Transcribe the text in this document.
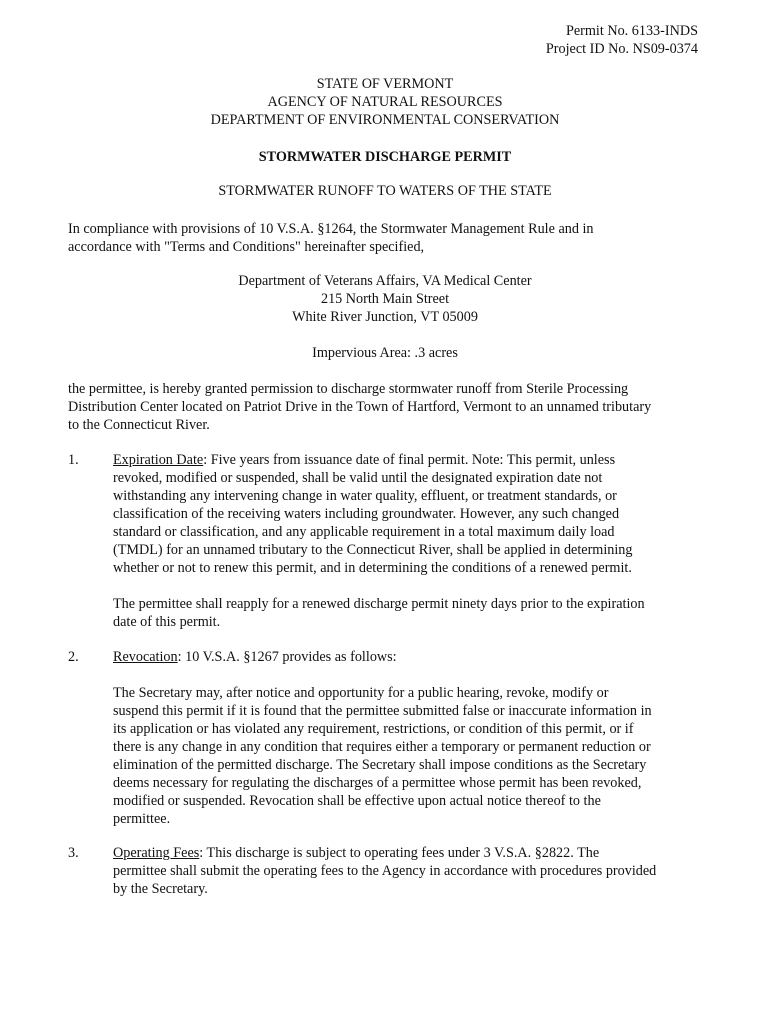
Permit No. 6133-INDS
Project ID No. NS09-0374
STATE OF VERMONT
AGENCY OF NATURAL RESOURCES
DEPARTMENT OF ENVIRONMENTAL CONSERVATION
STORMWATER DISCHARGE PERMIT
STORMWATER RUNOFF TO WATERS OF THE STATE
In compliance with provisions of 10 V.S.A. §1264, the Stormwater Management Rule and in
accordance with "Terms and Conditions" hereinafter specified,
Department of Veterans Affairs, VA Medical Center
215 North Main Street
White River Junction, VT 05009
Impervious Area: .3 acres
the permittee, is hereby granted permission to discharge stormwater runoff from Sterile Processing
Distribution Center located on Patriot Drive in the Town of Hartford, Vermont to an unnamed tributary
to the Connecticut River.
1. Expiration Date: Five years from issuance date of final permit. Note: This permit, unless
revoked, modified or suspended, shall be valid until the designated expiration date not
withstanding any intervening change in water quality, effluent, or treatment standards, or
classification of the receiving waters including groundwater. However, any such changed
standard or classification, and any applicable requirement in a total maximum daily load
(TMDL) for an unnamed tributary to the Connecticut River, shall be applied in determining
whether or not to renew this permit, and in determining the conditions of a renewed permit.
The permittee shall reapply for a renewed discharge permit ninety days prior to the expiration
date of this permit.
2. Revocation: 10 V.S.A. §1267 provides as follows:
The Secretary may, after notice and opportunity for a public hearing, revoke, modify or
suspend this permit if it is found that the permittee submitted false or inaccurate information in
its application or has violated any requirement, restrictions, or condition of this permit, or if
there is any change in any condition that requires either a temporary or permanent reduction or
elimination of the permitted discharge. The Secretary shall impose conditions as the Secretary
deems necessary for regulating the discharges of a permittee whose permit has been revoked,
modified or suspended. Revocation shall be effective upon actual notice thereof to the
permittee.
3. Operating Fees: This discharge is subject to operating fees under 3 V.S.A. §2822. The
permittee shall submit the operating fees to the Agency in accordance with procedures provided
by the Secretary.
